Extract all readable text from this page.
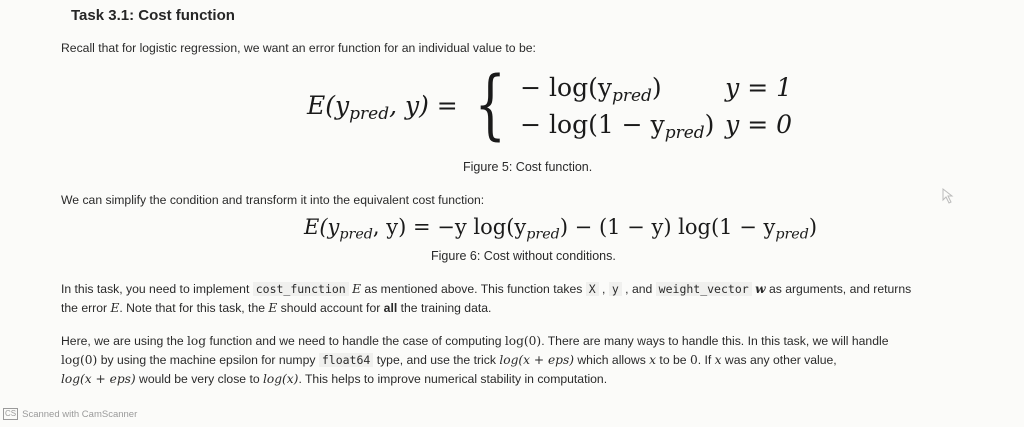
Task 3.1: Cost function

Recall that for logistic regression, we want an error function for an individual value to be:

$E(y_{pred}$, y) = { − $\log(y_{pred})$	y = 1
− $\log(1 - y_{pred})$ y = 0

Figure 5: Cost function.

We can simplify the condition and transform it into the equivalent cost function:

$E(y_{pred}$, y) = −y $\log(y_{pred}) - (1 - y) \log(1 - y_{pred})$

Figure 6: Cost without conditions.

In this task, you need to implement cost_function E as mentioned above. This function takes X , y , and weight_vector w as arguments, and returns
the error E. Note that for this task, the E should account for all the training data.
Here, we are using the log function and we need to handle the case of computing log(0). There are many ways to handle this. In this task, we will handle
log(0) by using the machine epsilon for numpy float64 type, and use the trick log(x + eps) which allows x to be 0. If x was any other value,
log(x + eps) would be very close to log(x). This helps to improve numerical stability in computation.
CS Scanned with CamScanner
